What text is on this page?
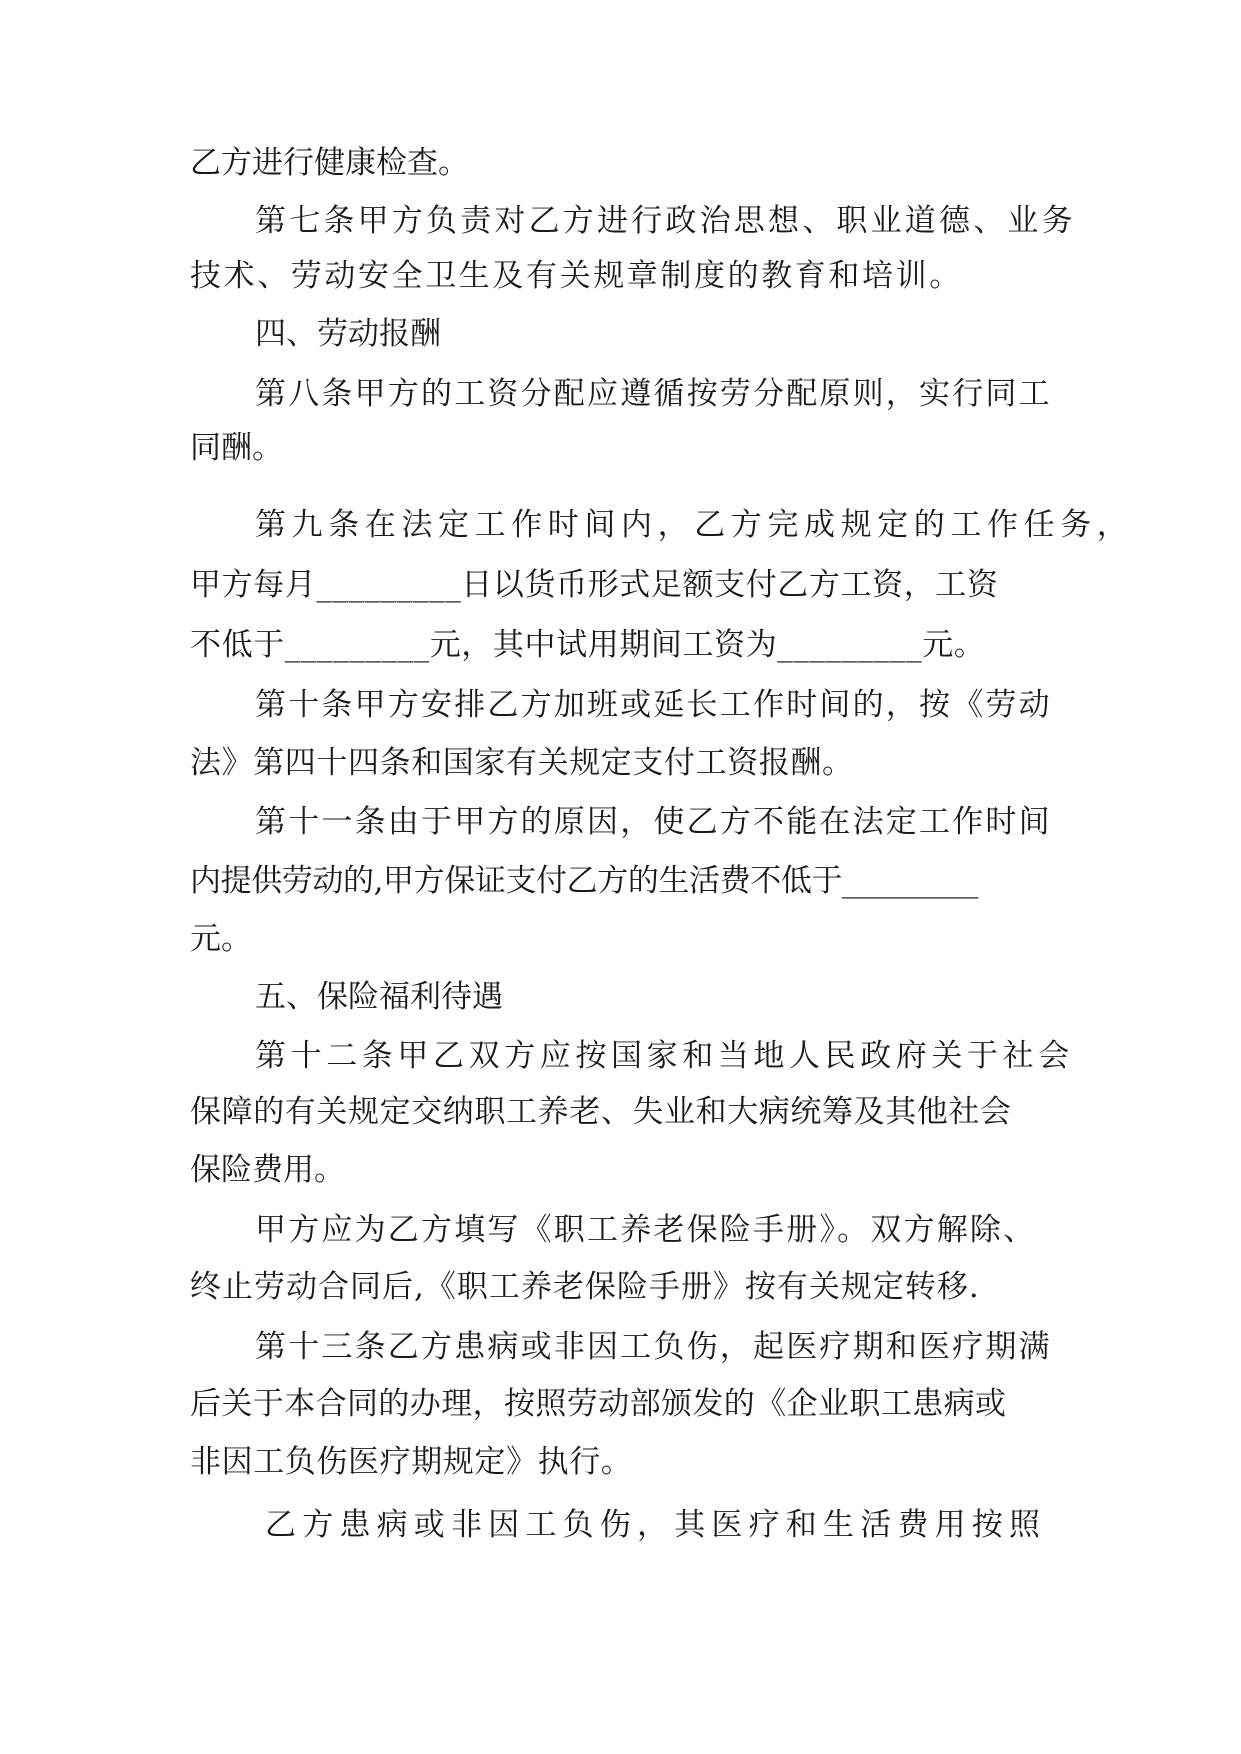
乙方进行健康检查。
第七条甲方负责对乙方进行政治思想、职业道德、业务
技术、劳动安全卫生及有关规章制度的教育和培训。
四、劳动报酬
第八条甲方的工资分配应遵循按劳分配原则，实行同工
同酬。
第九条在法定工作时间内，乙方完成规定的工作任务，
甲方每月_________日以货币形式足额支付乙方工资，工资
不低于_________元，其中试用期间工资为_________元。
第十条甲方安排乙方加班或延长工作时间的，按《劳动
法》第四十四条和国家有关规定支付工资报酬。
第十一条由于甲方的原因，使乙方不能在法定工作时间
内提供劳动的,甲方保证支付乙方的生活费不低于_________
元。
五、保险福利待遇
第十二条甲乙双方应按国家和当地人民政府关于社会
保障的有关规定交纳职工养老、失业和大病统筹及其他社会
保险费用。
甲方应为乙方填写《职工养老保险手册》。双方解除、
终止劳动合同后,《职工养老保险手册》按有关规定转移.
第十三条乙方患病或非因工负伤，起医疗期和医疗期满
后关于本合同的办理，按照劳动部颁发的《企业职工患病或
非因工负伤医疗期规定》执行。
乙方患病或非因工负伤，其医疗和生活费用按照
